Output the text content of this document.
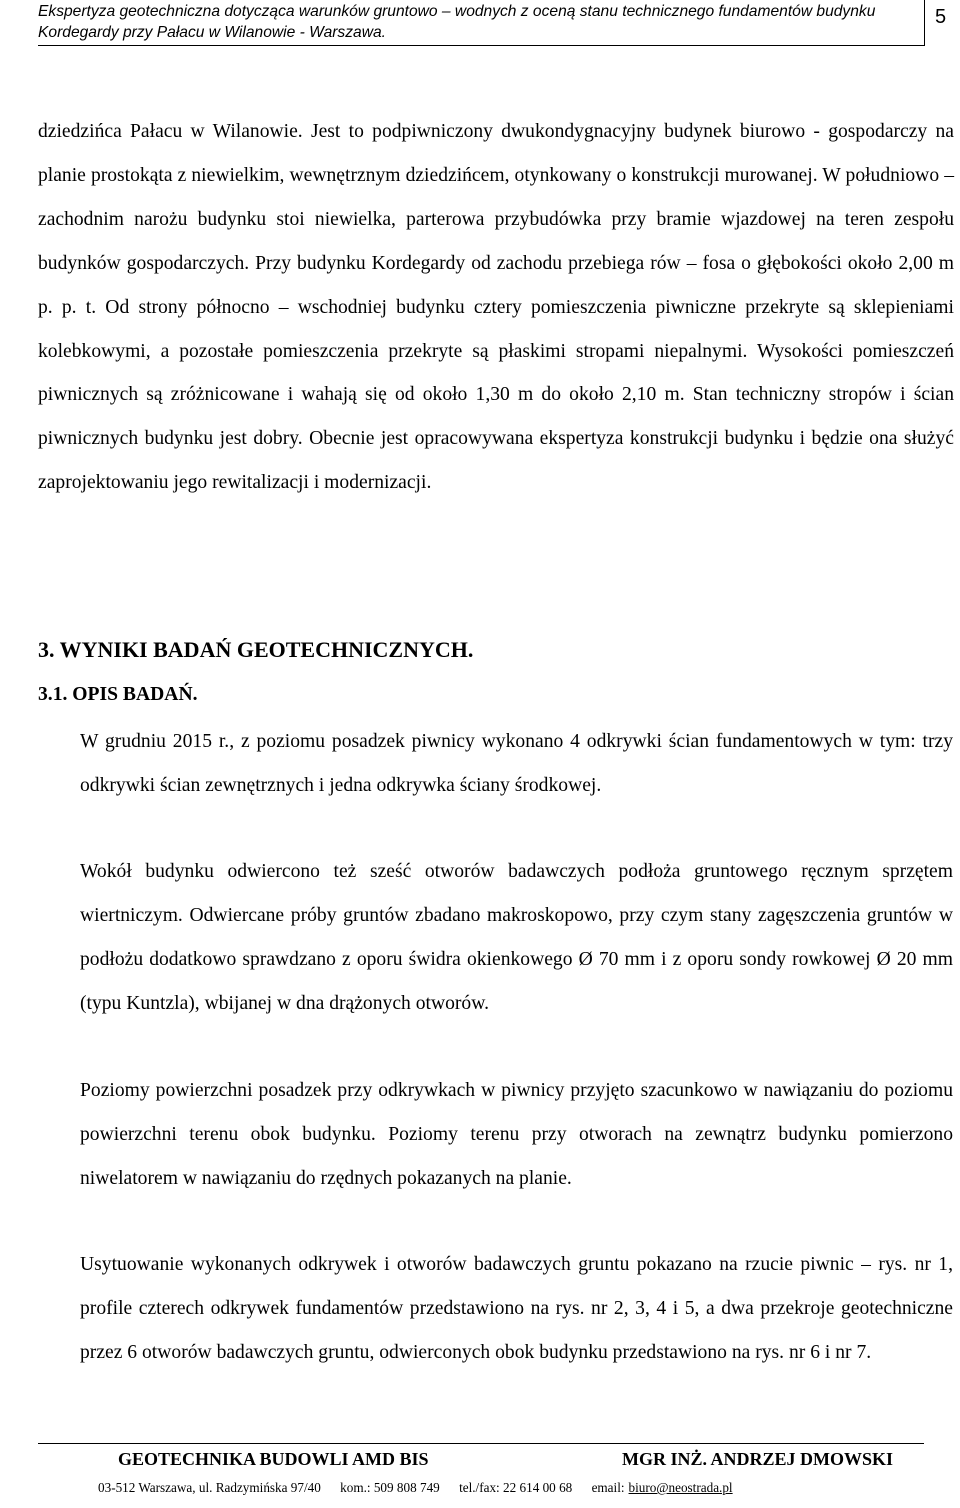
Ekspertyza geotechniczna dotycząca warunków gruntowo – wodnych z oceną stanu technicznego fundamentów budynku
Kordegardy przy Pałacu w Wilanowie - Warszawa.
5

dziedzińca Pałacu w Wilanowie. Jest to podpiwniczony dwukondygnacyjny budynek biurowo - gospodarczy na planie prostokąta z niewielkim, wewnętrznym dziedzińcem, otynkowany o konstrukcji murowanej. W południowo – zachodnim narożu budynku stoi niewielka, parterowa przybudówka przy bramie wjazdowej na teren zespołu budynków gospodarczych. Przy budynku Kordegardy od zachodu przebiega rów – fosa o głębokości około 2,00 m p. p. t. Od strony północno – wschodniej budynku cztery pomieszczenia piwniczne przekryte są sklepieniami kolebkowymi, a pozostałe pomieszczenia przekryte są płaskimi stropami niepalnymi. Wysokości pomieszczeń piwnicznych są zróżnicowane i wahają się od około 1,30 m do około 2,10 m. Stan techniczny stropów i ścian piwnicznych budynku jest dobry. Obecnie jest opracowywana ekspertyza konstrukcji budynku i będzie ona służyć zaprojektowaniu jego rewitalizacji i modernizacji.

3. WYNIKI BADAŃ GEOTECHNICZNYCH.
3.1. OPIS BADAŃ.

W grudniu 2015 r., z poziomu posadzek piwnicy wykonano 4 odkrywki ścian fundamentowych w tym: trzy odkrywki ścian zewnętrznych i jedna odkrywka ściany środkowej.

Wokół budynku odwiercono też sześć otworów badawczych podłoża gruntowego ręcznym sprzętem wiertniczym. Odwiercane próby gruntów zbadano makroskopowo, przy czym stany zagęszczenia gruntów w podłożu dodatkowo sprawdzano z oporu świdra okienkowego Ø 70 mm i z oporu sondy rowkowej Ø 20 mm (typu Kuntzla), wbijanej w dna drążonych otworów.

Poziomy powierzchni posadzek przy odkrywkach w piwnicy przyjęto szacunkowo w nawiązaniu do poziomu powierzchni terenu obok budynku. Poziomy terenu przy otworach na zewnątrz budynku pomierzono niwelatorem w nawiązaniu do rzędnych pokazanych na planie.

Usytuowanie wykonanych odkrywek i otworów badawczych gruntu pokazano na rzucie piwnic – rys. nr 1, profile czterech odkrywek fundamentów przedstawiono na rys. nr 2, 3, 4 i 5, a dwa przekroje geotechniczne przez 6 otworów badawczych gruntu, odwierconych obok budynku przedstawiono na rys. nr 6 i nr 7.

GEOTECHNIKA BUDOWLI AMD BIS	MGR INŻ. ANDRZEJ DMOWSKI
03-512 Warszawa, ul. Radzymińska 97/40 kom.: 509 808 749 tel./fax: 22 614 00 68 email: biuro@neostrada.pl
